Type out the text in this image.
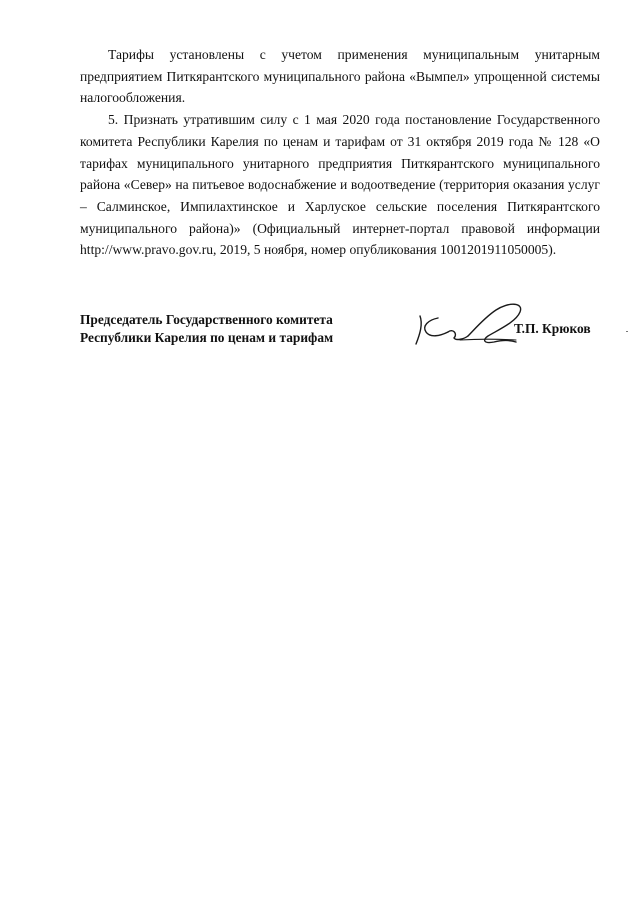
Тарифы установлены с учетом применения муниципальным унитарным предприятием Питкярантского муниципального района «Вымпел» упрощенной системы налогообложения.

5. Признать утратившим силу с 1 мая 2020 года постановление Государственного комитета Республики Карелия по ценам и тарифам от 31 октября 2019 года № 128 «О тарифах муниципального унитарного предприятия Питкярантского муниципального района «Север» на питьевое водоснабжение и водоотведение (территория оказания услуг – Салминское, Импилахтинское и Харлуское сельские поселения Питкярантского муниципального района)» (Официальный интернет-портал правовой информации http://www.pravo.gov.ru, 2019, 5 ноября, номер опубликования 1001201911050005).

Председатель Государственного комитета
Республики Карелия по ценам и тарифам
Т.П. Крюков
